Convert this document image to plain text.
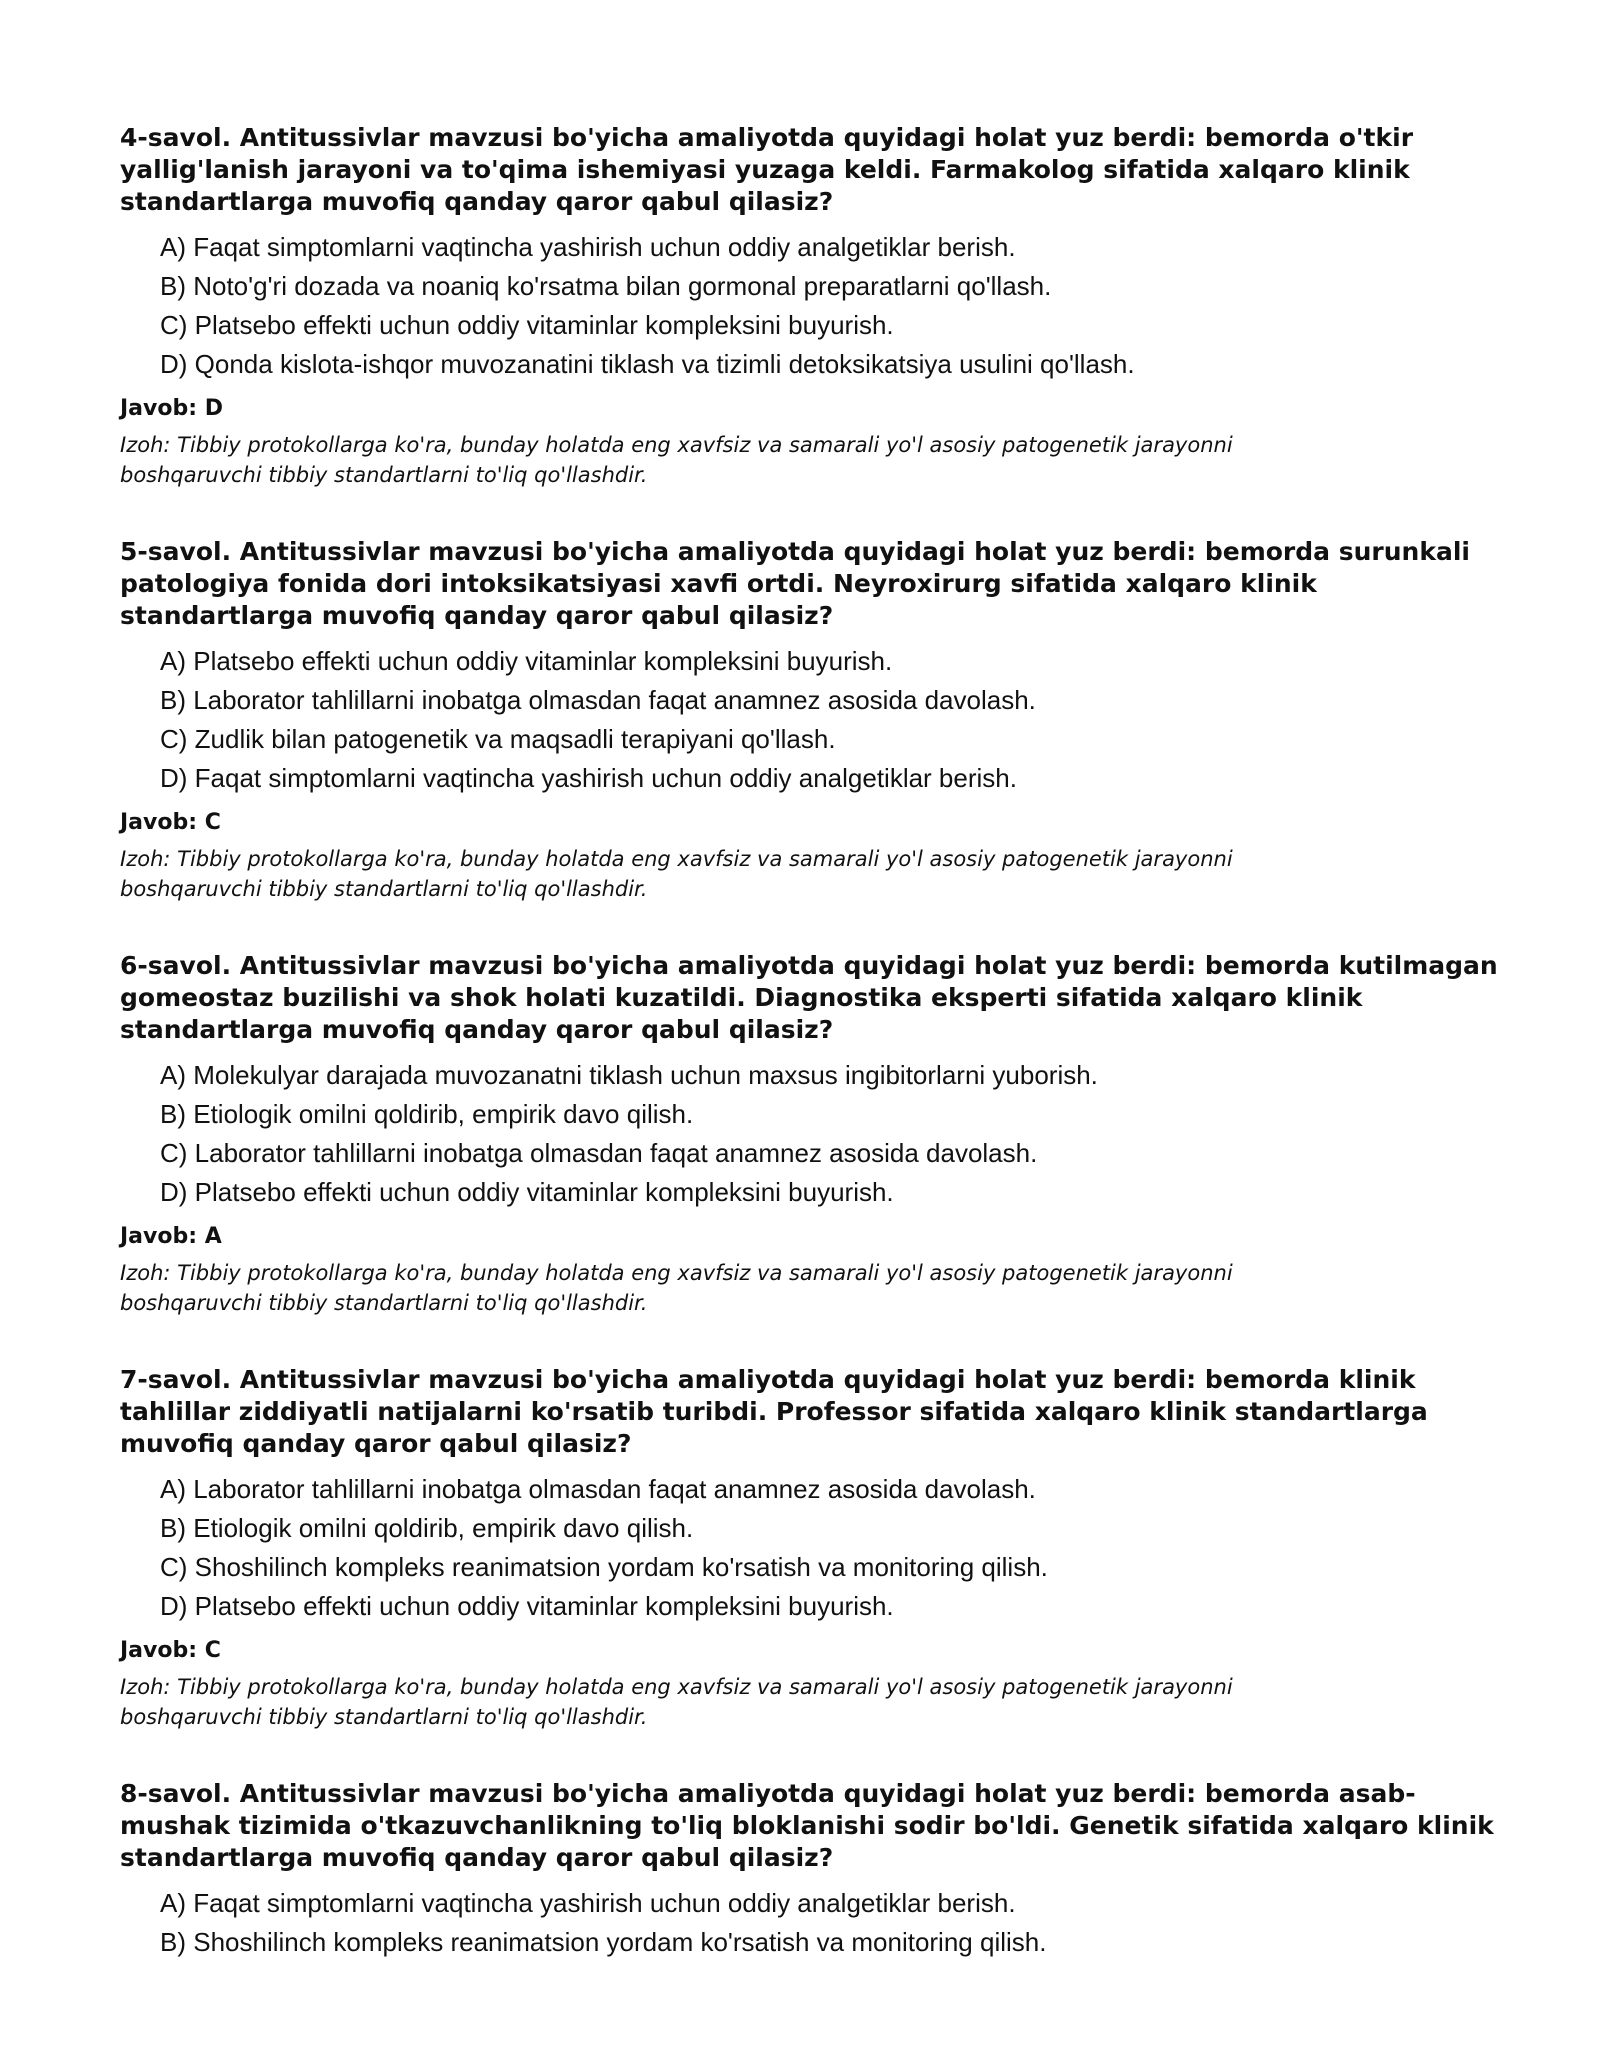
4-savol. Antitussivlar mavzusi bo'yicha amaliyotda quyidagi holat yuz berdi: bemorda o'tkir yallig'lanish jarayoni va to'qima ishemiyasi yuzaga keldi. Farmakolog sifatida xalqaro klinik standartlarga muvofiq qanday qaror qabul qilasiz?

A) Faqat simptomlarni vaqtincha yashirish uchun oddiy analgetiklar berish.
B) Noto'g'ri dozada va noaniq ko'rsatma bilan gormonal preparatlarni qo'llash.
C) Platsebo effekti uchun oddiy vitaminlar kompleksini buyurish.
D) Qonda kislota-ishqor muvozanatini tiklash va tizimli detoksikatsiya usulini qo'llash.

Javob: D

Izoh: Tibbiy protokollarga ko'ra, bunday holatda eng xavfsiz va samarali yo'l asosiy patogenetik jarayonni boshqaruvchi tibbiy standartlarni to'liq qo'llashdir.

5-savol. Antitussivlar mavzusi bo'yicha amaliyotda quyidagi holat yuz berdi: bemorda surunkali patologiya fonida dori intoksikatsiyasi xavfi ortdi. Neyroxirurg sifatida xalqaro klinik standartlarga muvofiq qanday qaror qabul qilasiz?

A) Platsebo effekti uchun oddiy vitaminlar kompleksini buyurish.
B) Laborator tahlillarni inobatga olmasdan faqat anamnez asosida davolash.
C) Zudlik bilan patogenetik va maqsadli terapiyani qo'llash.
D) Faqat simptomlarni vaqtincha yashirish uchun oddiy analgetiklar berish.

Javob: C

Izoh: Tibbiy protokollarga ko'ra, bunday holatda eng xavfsiz va samarali yo'l asosiy patogenetik jarayonni boshqaruvchi tibbiy standartlarni to'liq qo'llashdir.

6-savol. Antitussivlar mavzusi bo'yicha amaliyotda quyidagi holat yuz berdi: bemorda kutilmagan gomeostaz buzilishi va shok holati kuzatildi. Diagnostika eksperti sifatida xalqaro klinik standartlarga muvofiq qanday qaror qabul qilasiz?

A) Molekulyar darajada muvozanatni tiklash uchun maxsus ingibitorlarni yuborish.
B) Etiologik omilni qoldirib, empirik davo qilish.
C) Laborator tahlillarni inobatga olmasdan faqat anamnez asosida davolash.
D) Platsebo effekti uchun oddiy vitaminlar kompleksini buyurish.

Javob: A

Izoh: Tibbiy protokollarga ko'ra, bunday holatda eng xavfsiz va samarali yo'l asosiy patogenetik jarayonni boshqaruvchi tibbiy standartlarni to'liq qo'llashdir.

7-savol. Antitussivlar mavzusi bo'yicha amaliyotda quyidagi holat yuz berdi: bemorda klinik tahlillar ziddiyatli natijalarni ko'rsatib turibdi. Professor sifatida xalqaro klinik standartlarga muvofiq qanday qaror qabul qilasiz?

A) Laborator tahlillarni inobatga olmasdan faqat anamnez asosida davolash.
B) Etiologik omilni qoldirib, empirik davo qilish.
C) Shoshilinch kompleks reanimatsion yordam ko'rsatish va monitoring qilish.
D) Platsebo effekti uchun oddiy vitaminlar kompleksini buyurish.

Javob: C

Izoh: Tibbiy protokollarga ko'ra, bunday holatda eng xavfsiz va samarali yo'l asosiy patogenetik jarayonni boshqaruvchi tibbiy standartlarni to'liq qo'llashdir.

8-savol. Antitussivlar mavzusi bo'yicha amaliyotda quyidagi holat yuz berdi: bemorda asab-mushak tizimida o'tkazuvchanlikning to'liq bloklanishi sodir bo'ldi. Genetik sifatida xalqaro klinik standartlarga muvofiq qanday qaror qabul qilasiz?

A) Faqat simptomlarni vaqtincha yashirish uchun oddiy analgetiklar berish.
B) Shoshilinch kompleks reanimatsion yordam ko'rsatish va monitoring qilish.
